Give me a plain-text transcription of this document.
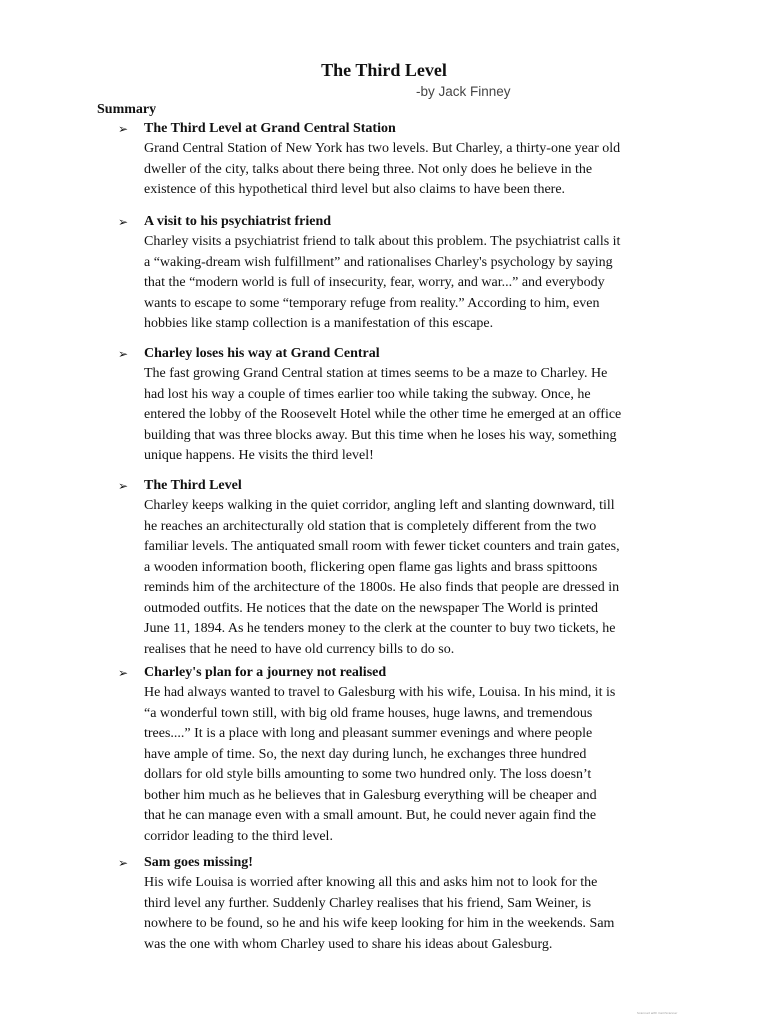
The Third Level
-by Jack Finney
Summary
➢ The Third Level at Grand Central Station
Grand Central Station of New York has two levels. But Charley, a thirty-one year old
dweller of the city, talks about there being three. Not only does he believe in the
existence of this hypothetical third level but also claims to have been there.
➢ A visit to his psychiatrist friend
Charley visits a psychiatrist friend to talk about this problem. The psychiatrist calls it
a “waking-dream wish fulfillment” and rationalises Charley's psychology by saying
that the “modern world is full of insecurity, fear, worry, and war...” and everybody
wants to escape to some “temporary refuge from reality.” According to him, even
hobbies like stamp collection is a manifestation of this escape.
➢ Charley loses his way at Grand Central
The fast growing Grand Central station at times seems to be a maze to Charley. He
had lost his way a couple of times earlier too while taking the subway. Once, he
entered the lobby of the Roosevelt Hotel while the other time he emerged at an office
building that was three blocks away. But this time when he loses his way, something
unique happens. He visits the third level!
➢ The Third Level
Charley keeps walking in the quiet corridor, angling left and slanting downward, till
he reaches an architecturally old station that is completely different from the two
familiar levels. The antiquated small room with fewer ticket counters and train gates,
a wooden information booth, flickering open flame gas lights and brass spittoons
reminds him of the architecture of the 1800s. He also finds that people are dressed in
outmoded outfits. He notices that the date on the newspaper The World is printed
June 11, 1894. As he tenders money to the clerk at the counter to buy two tickets, he
realises that he need to have old currency bills to do so.
➢ Charley's plan for a journey not realised
He had always wanted to travel to Galesburg with his wife, Louisa. In his mind, it is
“a wonderful town still, with big old frame houses, huge lawns, and tremendous
trees....” It is a place with long and pleasant summer evenings and where people
have ample of time. So, the next day during lunch, he exchanges three hundred
dollars for old style bills amounting to some two hundred only. The loss doesn’t
bother him much as he believes that in Galesburg everything will be cheaper and
that he can manage even with a small amount. But, he could never again find the
corridor leading to the third level.
➢ Sam goes missing!
His wife Louisa is worried after knowing all this and asks him not to look for the
third level any further. Suddenly Charley realises that his friend, Sam Weiner, is
nowhere to be found, so he and his wife keep looking for him in the weekends. Sam
was the one with whom Charley used to share his ideas about Galesburg.
Scanned with CamScanner
